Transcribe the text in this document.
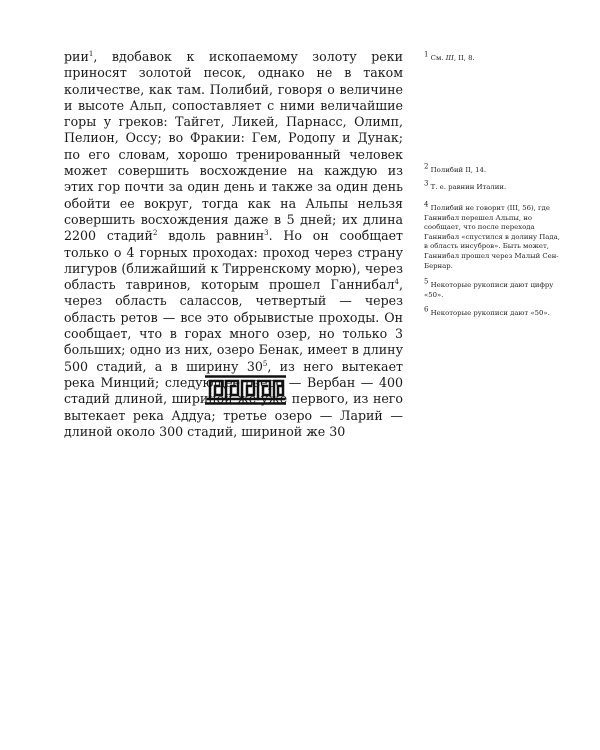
рии$^1$, вдобавок к ископаемому золоту реки приносят золотой песок, однако не в таком количестве, как там. Полибий, говоря о величине и высоте Альп, сопоставляет с ними величайшие горы у греков: Тайгет, Ликей, Парнасс, Олимп, Пелион, Оссу; во Фракии: Гем, Родопу и Дунак; по его словам, хорошо тренированный человек может совершить восхождение на каждую из этих гор почти за один день и также за один день обойти ее вокруг, тогда как на Альпы нельзя совершить восхождения даже в 5 дней; их длина 2200 стадий$^2$ вдоль равнин$^3$. Но он сообщает только о 4 горных проходах: проход через страну лигуров (ближайший к Тирренскому морю), через область тавринов, которым прошел Ганнибал$^4$, через область салассов, четвертый — через область ретов — все это обрывистые проходы. Он сообщает, что в горах много озер, но только 3 больших; одно из них, озеро Бенак, имеет в длину 500 стадий, а в ширину $30^5$, из него вытекает река Минций; следующее озеро — Вербан — 400 стадий длиной, шириной же уже первого, из него вытекает река Аддуа; третье озеро — Ларий — длиной около 300 стадий, шириной же 30

$^1$ См. III, II, 8.
$^2$ Полибий II, 14.
$^3$ Т. е. равнин Италии.
$^4$ Полибий не говорит (III, 56), где Ганнибал перешел Альпы, но сообщает, что после перехода Ганнибал «спустился в долину Пада, в область инсубров». Быть может, Ганнибал прошел через Малый Сен-Бернар.
$^5$ Некоторые рукописи дают цифру «50».
$^6$ Некоторые рукописи дают «50».
